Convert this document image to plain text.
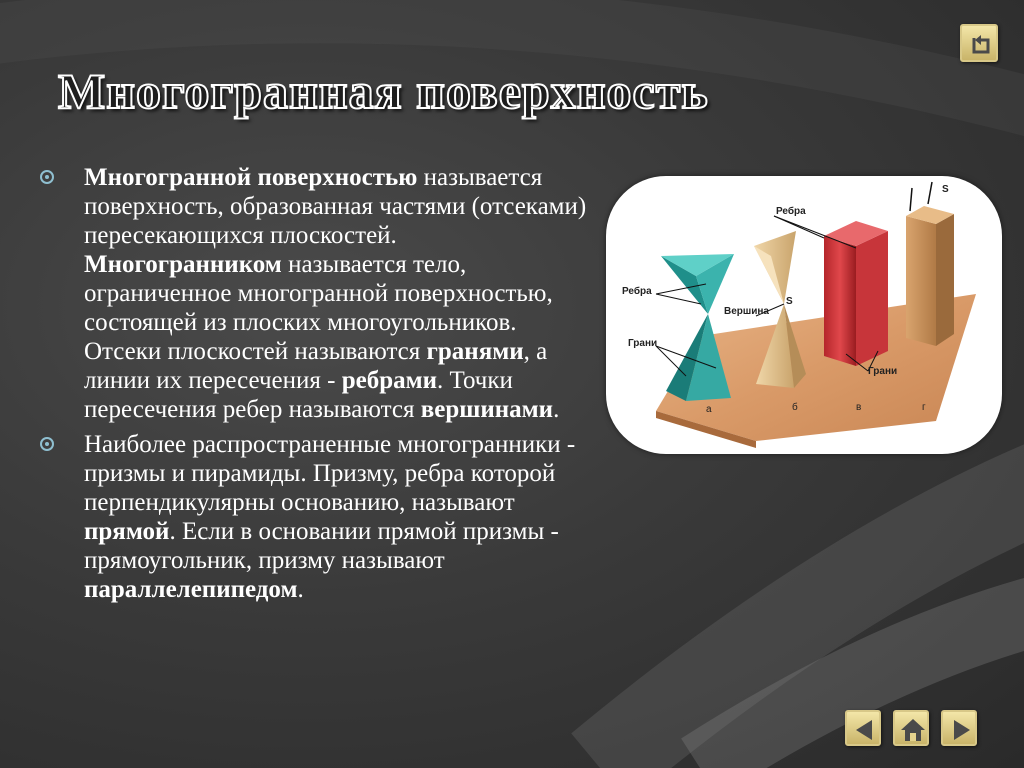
Многогранная поверхность
Многогранной поверхностью называется поверхность, образованная частями (отсеками) пересекающихся плоскостей. Многогранником называется тело, ограниченное многогранной поверхностью, состоящей из плоских многоугольников. Отсеки плоскостей называются гранями, а линии их пересечения - ребрами. Точки пересечения ребер называются вершинами.
Наиболее распространенные многогранники - призмы и пирамиды. Призму, ребра которой перпендикулярны основанию, называют прямой. Если в основании прямой призмы - прямоугольник, призму называют параллелепипедом.
Ребра
Ребра
Вершина
S
S
Грани
Грани
а	б	в	г
